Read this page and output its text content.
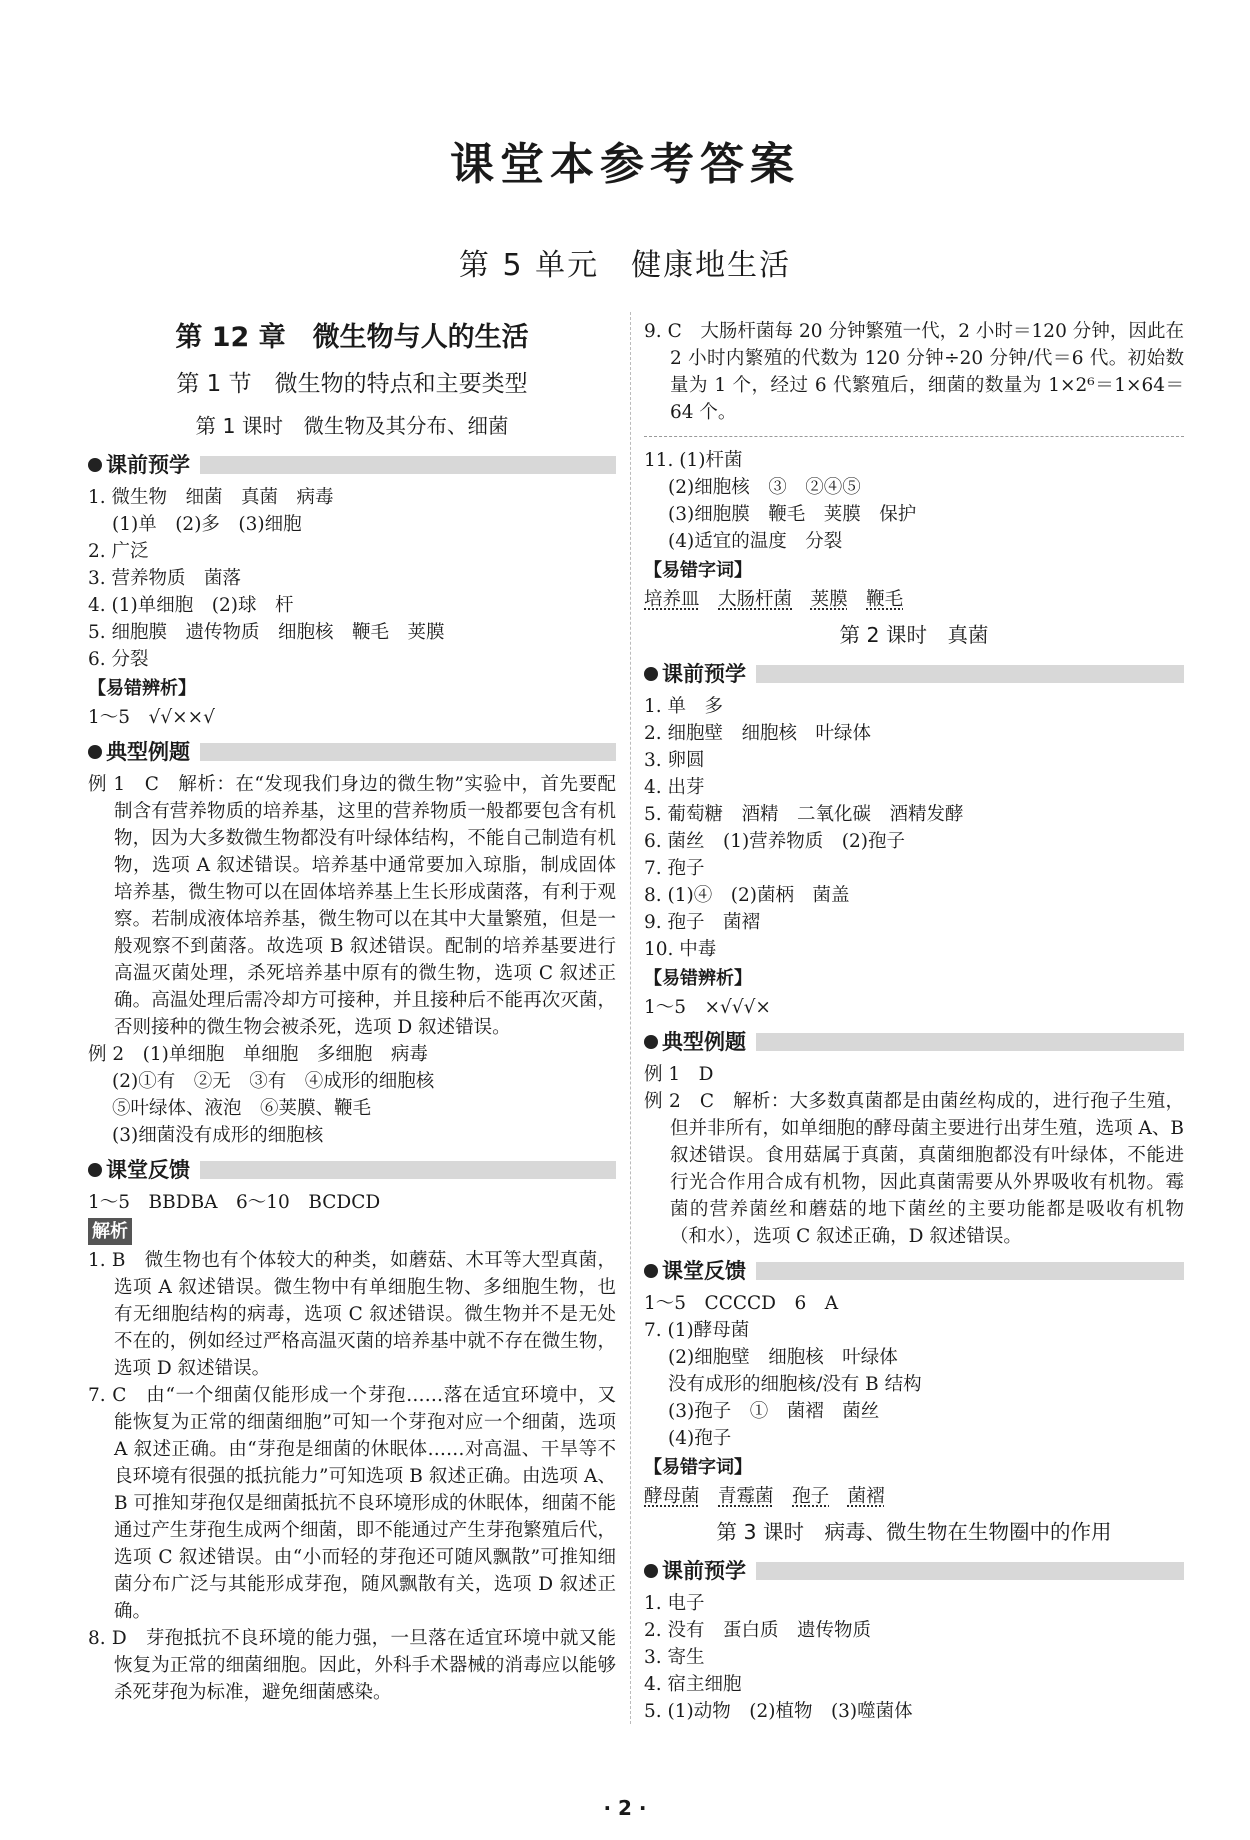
课堂本参考答案
第 5 单元　健康地生活
第 12 章　微生物与人的生活
第 1 节　微生物的特点和主要类型
第 1 课时　微生物及其分布、细菌
课前预学

1. 微生物　细菌　真菌　病毒

(1)单　(2)多　(3)细胞

2. 广泛

3. 营养物质　菌落

4. (1)单细胞　(2)球　杆

5. 细胞膜　遗传物质　细胞核　鞭毛　荚膜

6. 分裂

【易错辨析】

1～5　√√××√

典型例题

例 1　C　解析：在“发现我们身边的微生物”实验中，首先要配制含有营养物质的培养基，这里的营养物质一般都要包含有机物，因为大多数微生物都没有叶绿体结构，不能自己制造有机物，选项 A 叙述错误。培养基中通常要加入琼脂，制成固体培养基，微生物可以在固体培养基上生长形成菌落，有利于观察。若制成液体培养基，微生物可以在其中大量繁殖，但是一般观察不到菌落。故选项 B 叙述错误。配制的培养基要进行高温灭菌处理，杀死培养基中原有的微生物，选项 C 叙述正确。高温处理后需冷却方可接种，并且接种后不能再次灭菌，否则接种的微生物会被杀死，选项 D 叙述错误。

例 2　(1)单细胞　单细胞　多细胞　病毒

(2)①有　②无　③有　④成形的细胞核

⑤叶绿体、液泡　⑥荚膜、鞭毛

(3)细菌没有成形的细胞核

课堂反馈

1～5　BBDBA　6～10　BCDCD

解析

1. B　微生物也有个体较大的种类，如蘑菇、木耳等大型真菌，选项 A 叙述错误。微生物中有单细胞生物、多细胞生物，也有无细胞结构的病毒，选项 C 叙述错误。微生物并不是无处不在的，例如经过严格高温灭菌的培养基中就不存在微生物，选项 D 叙述错误。

7. C　由“一个细菌仅能形成一个芽孢……落在适宜环境中，又能恢复为正常的细菌细胞”可知一个芽孢对应一个细菌，选项 A 叙述正确。由“芽孢是细菌的休眠体……对高温、干旱等不良环境有很强的抵抗能力”可知选项 B 叙述正确。由选项 A、B 可推知芽孢仅是细菌抵抗不良环境形成的休眠体，细菌不能通过产生芽孢生成两个细菌，即不能通过产生芽孢繁殖后代，选项 C 叙述错误。由“小而轻的芽孢还可随风飘散”可推知细菌分布广泛与其能形成芽孢，随风飘散有关，选项 D 叙述正确。

8. D　芽孢抵抗不良环境的能力强，一旦落在适宜环境中就又能恢复为正常的细菌细胞。因此，外科手术器械的消毒应以能够杀死芽孢为标准，避免细菌感染。

9. C　大肠杆菌每 20 分钟繁殖一代，2 小时＝120 分钟，因此在 2 小时内繁殖的代数为 120 分钟÷20 分钟/代＝6 代。初始数量为 1 个，经过 6 代繁殖后，细菌的数量为 1×2⁶＝1×64＝64 个。

11. (1)杆菌

(2)细胞核　③　②④⑤

(3)细胞膜　鞭毛　荚膜　保护

(4)适宜的温度　分裂

【易错字词】

培养皿　 大肠杆菌　 荚膜　 鞭毛

第 2 课时　真菌
课前预学

1. 单　多

2. 细胞壁　细胞核　叶绿体

3. 卵圆

4. 出芽

5. 葡萄糖　酒精　二氧化碳　酒精发酵

6. 菌丝　(1)营养物质　(2)孢子

7. 孢子

8. (1)④　(2)菌柄　菌盖

9. 孢子　菌褶

10. 中毒

【易错辨析】

1～5　×√√√×

典型例题

例 1　D

例 2　C　解析：大多数真菌都是由菌丝构成的，进行孢子生殖，但并非所有，如单细胞的酵母菌主要进行出芽生殖，选项 A、B 叙述错误。食用菇属于真菌，真菌细胞都没有叶绿体，不能进行光合作用合成有机物，因此真菌需要从外界吸收有机物。霉菌的营养菌丝和蘑菇的地下菌丝的主要功能都是吸收有机物（和水），选项 C 叙述正确，D 叙述错误。

课堂反馈

1～5　CCCCD　6　A

7. (1)酵母菌

(2)细胞壁　细胞核　叶绿体

没有成形的细胞核/没有 B 结构

(3)孢子　①　菌褶　菌丝

(4)孢子

【易错字词】

酵母菌　 青霉菌　 孢子　 菌褶

第 3 课时　病毒、微生物在生物圈中的作用
课前预学

1. 电子

2. 没有　蛋白质　遗传物质

3. 寄生

4. 宿主细胞

5. (1)动物　(2)植物　(3)噬菌体

· 2 ·
